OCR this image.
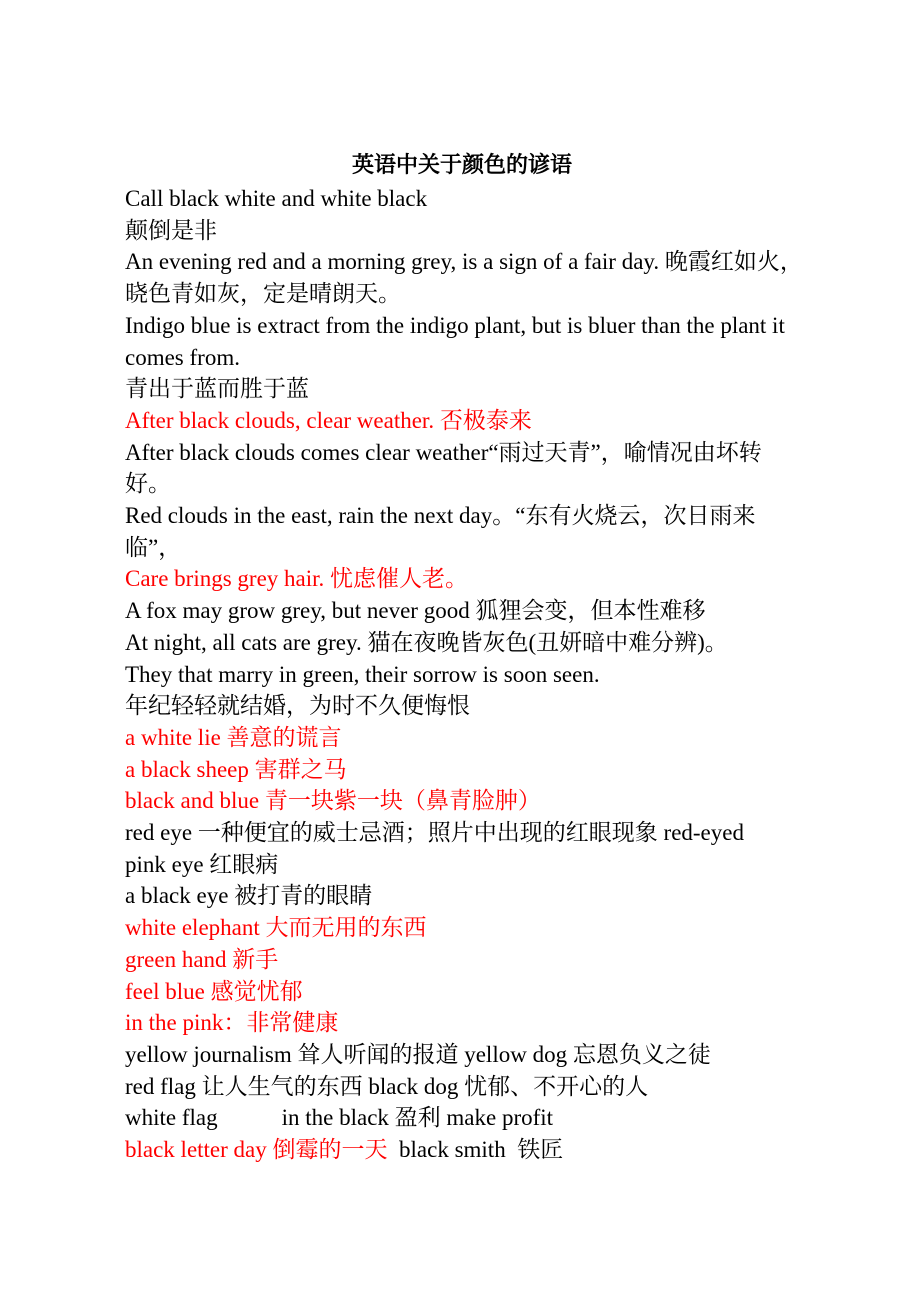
英语中关于颜色的谚语
Call black white and white black
颠倒是非
An evening red and a morning grey, is a sign of a fair day. 晚霞红如火，晓色青如灰，定是晴朗天。
Indigo blue is extract from the indigo plant, but is bluer than the plant it comes from.
青出于蓝而胜于蓝
After black clouds, clear weather. 否极泰来
After black clouds comes clear weather“雨过天青”，喻情况由坏转好。
Red clouds in the east, rain the next day。“东有火烧云，次日雨来临”，
Care brings grey hair. 忧虑催人老。
A fox may grow grey, but never good 狐狸会变，但本性难移
At night, all cats are grey. 猫在夜晚皆灰色(丑妍暗中难分辨)。
They that marry in green, their sorrow is soon seen.
年纪轻轻就结婚，为时不久便悔恨
a white lie 善意的谎言
a black sheep 害群之马
black and blue 青一块紫一块（鼻青脸肿）
red eye 一种便宜的威士忌酒；照片中出现的红眼现象 red-eyed
pink eye 红眼病
a black eye 被打青的眼睛
white elephant 大而无用的东西
green hand 新手
feel blue 感觉忧郁
in the pink：非常健康
yellow journalism 耸人听闻的报道 yellow dog 忘恩负义之徒
red flag 让人生气的东西 black dog 忧郁、不开心的人
white flag	in the black 盈利 make profit
black letter day 倒霉的一天  black smith  铁匠
